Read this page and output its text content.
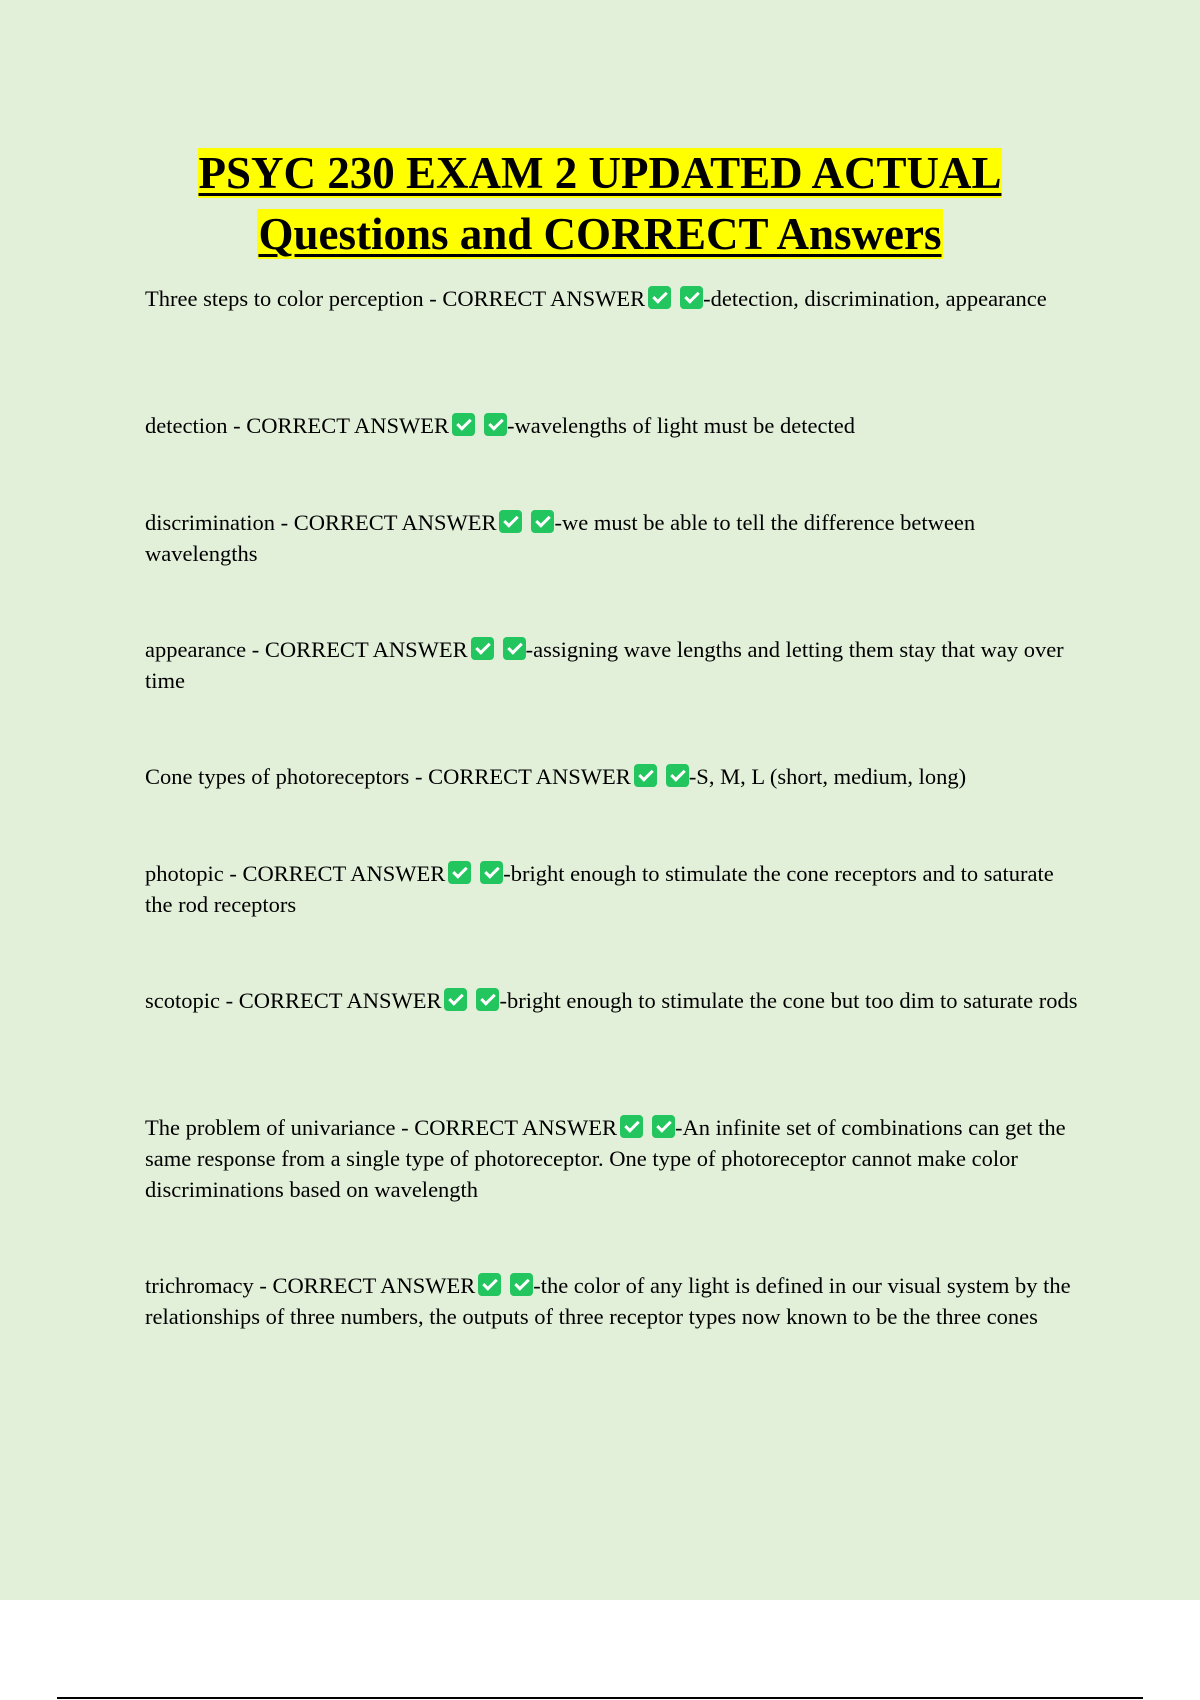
PSYC 230 EXAM 2 UPDATED ACTUAL
Questions and CORRECT Answers

Three steps to color perception - CORRECT ANSWER	-detection, discrimination, appearance

detection - CORRECT ANSWER	-wavelengths of light must be detected

discrimination - CORRECT ANSWER	-we must be able to tell the difference between wavelengths

appearance - CORRECT ANSWER	-assigning wave lengths and letting them stay that way over time

Cone types of photoreceptors - CORRECT ANSWER	-S, M, L (short, medium, long)

photopic - CORRECT ANSWER	-bright enough to stimulate the cone receptors and to saturate the rod receptors

scotopic - CORRECT ANSWER	-bright enough to stimulate the cone but too dim to saturate rods

The problem of univariance - CORRECT ANSWER	-An infinite set of combinations can get the same response from a single type of photoreceptor. One type of photoreceptor cannot make color discriminations based on wavelength

trichromacy - CORRECT ANSWER	-the color of any light is defined in our visual system by the relationships of three numbers, the outputs of three receptor types now known to be the three cones
